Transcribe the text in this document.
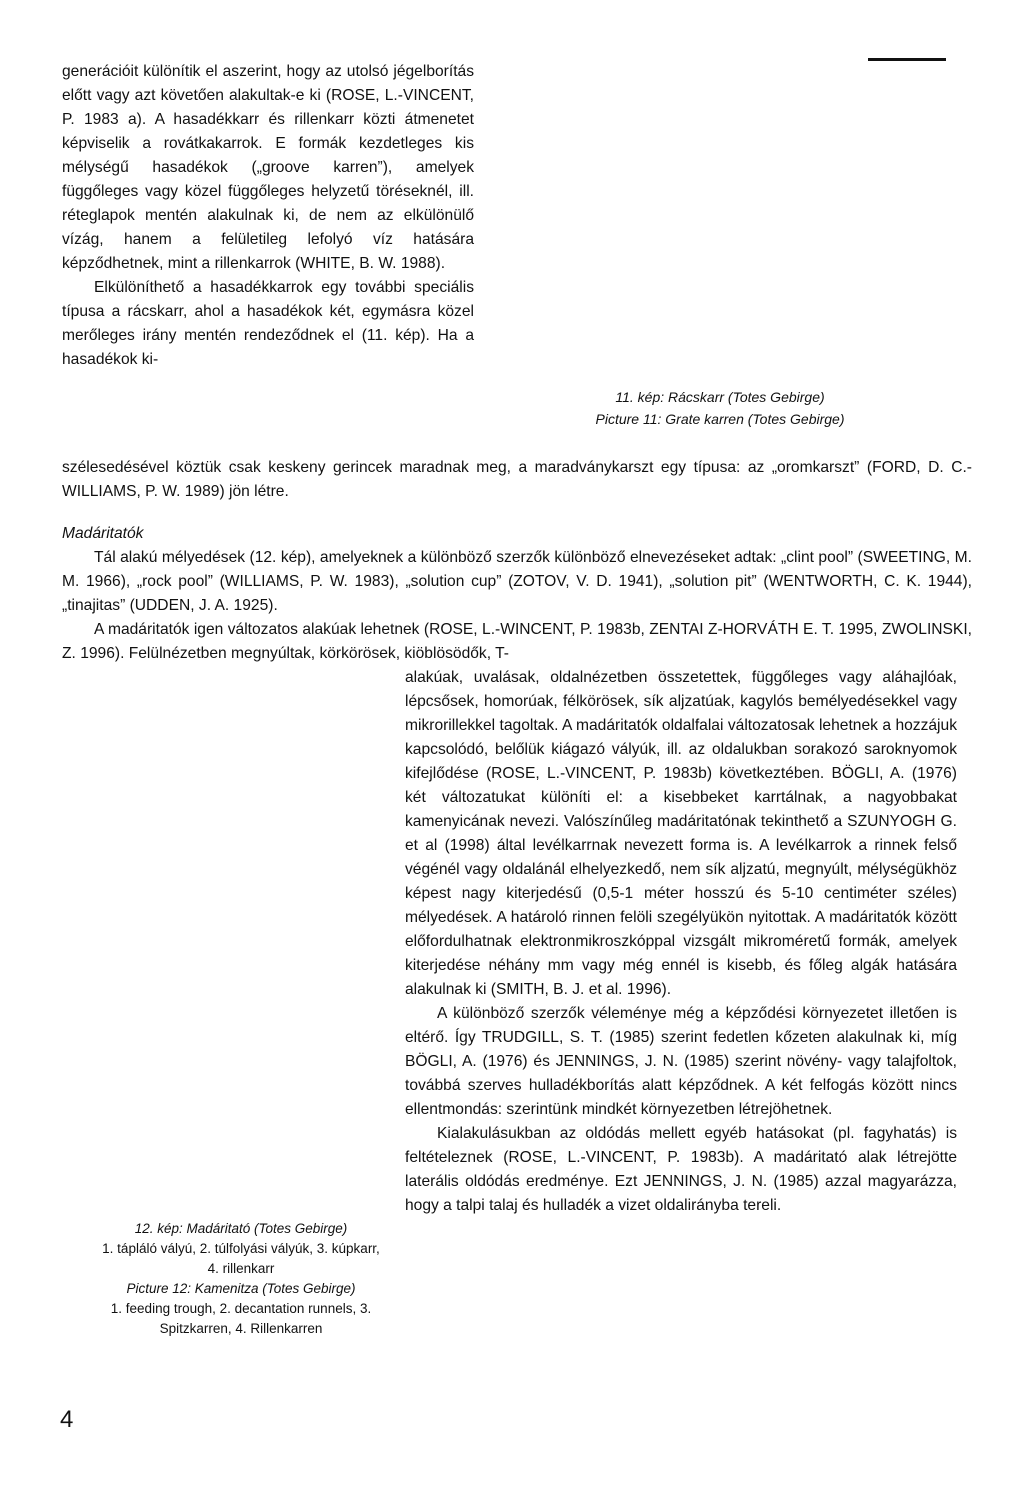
generációit különítik el aszerint, hogy az utolsó jégelborítás előtt vagy azt követően alakultak-e ki (ROSE, L.-VINCENT, P. 1983 a). A hasadékkarr és rillenkarr közti átmenetet képviselik a rovátkakarrok. E formák kezdetleges kis mélységű hasadékok („groove karren”), amelyek függőleges vagy közel függőleges helyzetű töréseknél, ill. réteglapok mentén alakulnak ki, de nem az elkülönülő vízág, hanem a felületileg lefolyó víz hatására képződhetnek, mint a rillenkarrok (WHITE, B. W. 1988).

Elkülöníthető a hasadékkarrok egy további speciális típusa a rácskarr, ahol a hasadékok két, egymásra közel merőleges irány mentén rendeződnek el (11. kép). Ha a hasadékok ki-

11. kép: Rácskarr (Totes Gebirge)
Picture 11: Grate karren (Totes Gebirge)
szélesedésével köztük csak keskeny gerincek maradnak meg, a maradványkarszt egy típusa: az „oromkarszt” (FORD, D. C.-WILLIAMS, P. W. 1989) jön létre.
Madáritatók

Tál alakú mélyedések (12. kép), amelyeknek a különböző szerzők különböző elnevezéseket adtak: „clint pool” (SWEETING, M. M. 1966), „rock pool” (WILLIAMS, P. W. 1983), „solution cup” (ZOTOV, V. D. 1941), „solution pit” (WENTWORTH, C. K. 1944), „tinajitas” (UDDEN, J. A. 1925).

A madáritatók igen változatos alakúak lehetnek (ROSE, L.-WINCENT, P. 1983b, ZENTAI Z-HORVÁTH E. T. 1995, ZWOLINSKI, Z. 1996). Felülnézetben megnyúltak, körkörösek, kiöblösödők, T-

alakúak, uvalásak, oldalnézetben összetettek, függőleges vagy aláhajlóak, lépcsősek, homorúak, félkörösek, sík aljzatúak, kagylós bemélyedésekkel vagy mikrorillekkel tagoltak. A madáritatók oldalfalai változatosak lehetnek a hozzájuk kapcsolódó, belőlük kiágazó vályúk, ill. az oldalukban sorakozó saroknyomok kifejlődése (ROSE, L.-VINCENT, P. 1983b) következtében. BÖGLI, A. (1976) két változatukat különíti el: a kisebbeket karrtálnak, a nagyobbakat kamenyicának nevezi. Valószínűleg madáritatónak tekinthető a SZUNYOGH G. et al (1998) által levélkarrnak nevezett forma is. A levélkarrok a rinnek felső végénél vagy oldalánál elhelyezkedő, nem sík aljzatú, megnyúlt, mélységükhöz képest nagy kiterjedésű (0,5-1 méter hosszú és 5-10 centiméter széles) mélyedések. A határoló rinnen felöli szegélyükön nyitottak. A madáritatók között előfordulhatnak elektronmikroszkóppal vizsgált mikroméretű formák, amelyek kiterjedése néhány mm vagy még ennél is kisebb, és főleg algák hatására alakulnak ki (SMITH, B. J. et al. 1996).

A különböző szerzők véleménye még a képződési környezetet illetően is eltérő. Így TRUDGILL, S. T. (1985) szerint fedetlen kőzeten alakulnak ki, míg BÖGLI, A. (1976) és JENNINGS, J. N. (1985) szerint növény- vagy talajfoltok, továbbá szerves hulladékborítás alatt képződnek. A két felfogás között nincs ellentmondás: szerintünk mindkét környezetben létrejöhetnek.

Kialakulásukban az oldódás mellett egyéb hatásokat (pl. fagyhatás) is feltételeznek (ROSE, L.-VINCENT, P. 1983b). A madáritató alak létrejötte laterális oldódás eredménye. Ezt JENNINGS, J. N. (1985) azzal magyarázza, hogy a talpi talaj és hulladék a vizet oldalirányba tereli.

12. kép: Madáritató (Totes Gebirge)
1. tápláló vályú, 2. túlfolyási vályúk, 3. kúpkarr, 4. rillenkarr
Picture 12: Kamenitza (Totes Gebirge)
1. feeding trough, 2. decantation runnels, 3. Spitzkarren, 4. Rillenkarren
4
